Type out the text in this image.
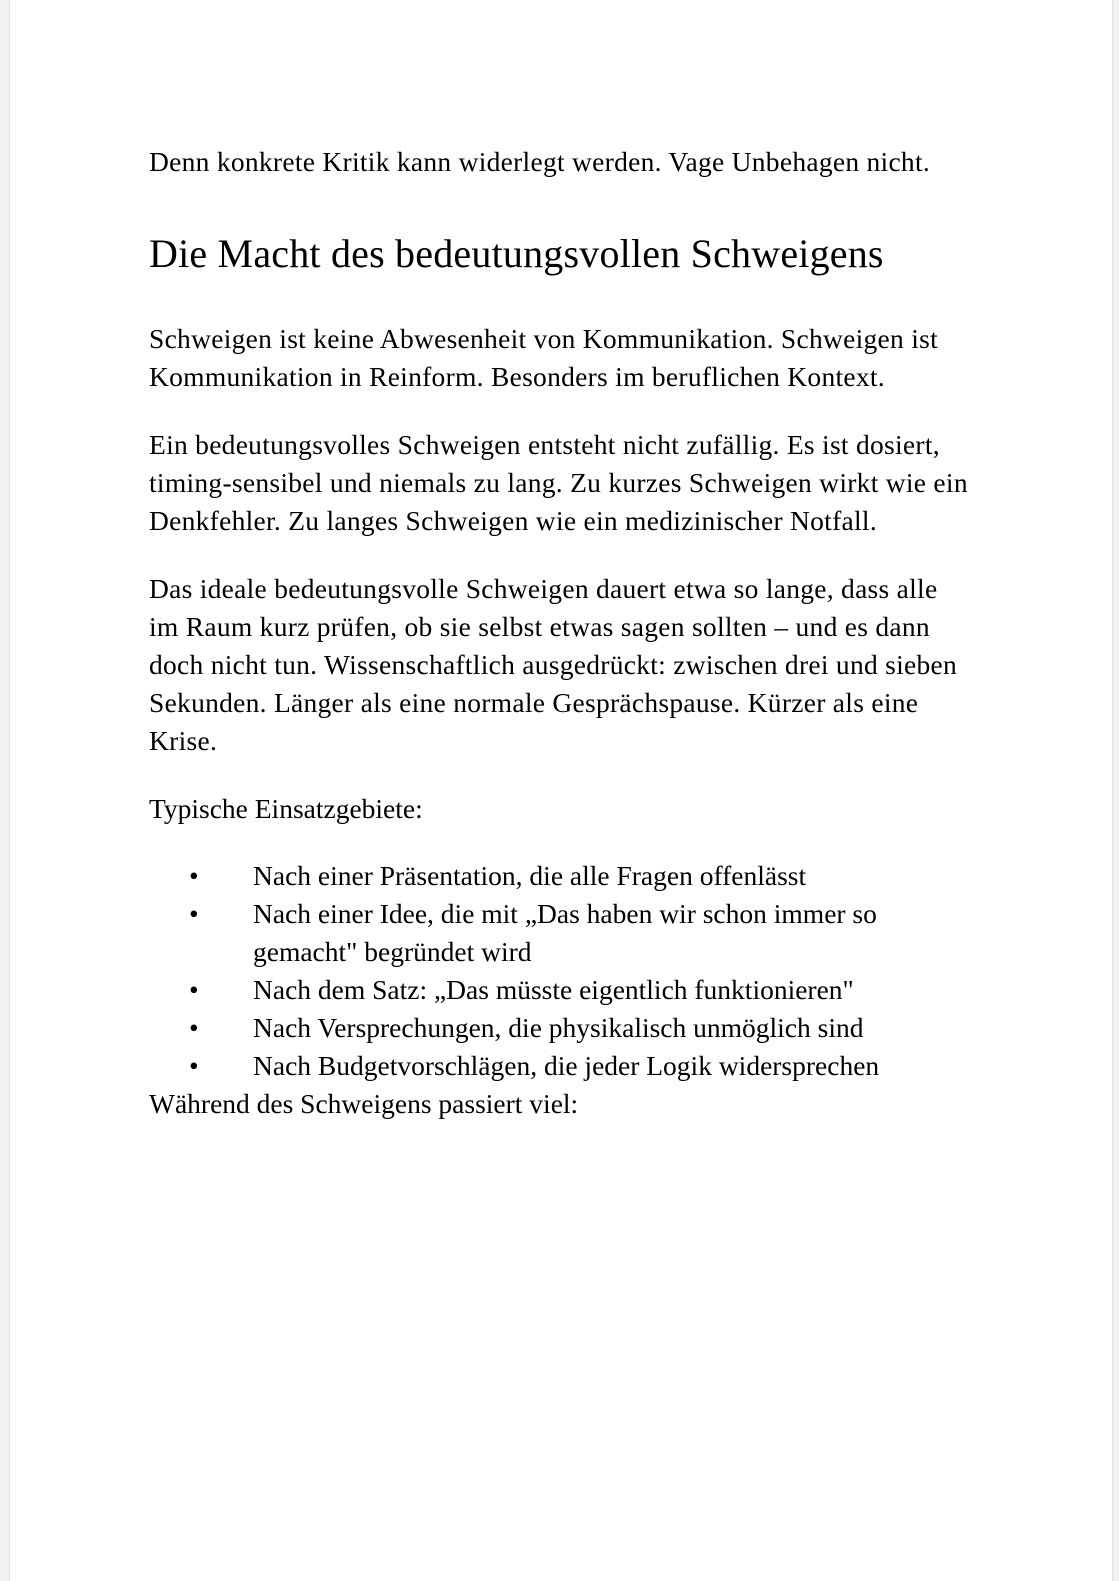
Denn konkrete Kritik kann widerlegt werden. Vage Unbehagen nicht.

Die Macht des bedeutungsvollen Schweigens

Schweigen ist keine Abwesenheit von Kommunikation. Schweigen ist Kommunikation in Reinform. Besonders im beruflichen Kontext.

Ein bedeutungsvolles Schweigen entsteht nicht zufällig. Es ist dosiert, timing-sensibel und niemals zu lang. Zu kurzes Schweigen wirkt wie ein Denkfehler. Zu langes Schweigen wie ein medizinischer Notfall.

Das ideale bedeutungsvolle Schweigen dauert etwa so lange, dass alle im Raum kurz prüfen, ob sie selbst etwas sagen sollten – und es dann doch nicht tun. Wissenschaftlich ausgedrückt: zwischen drei und sieben Sekunden. Länger als eine normale Gesprächspause. Kürzer als eine Krise.

Typische Einsatzgebiete:

• Nach einer Präsentation, die alle Fragen offenlässt
• Nach einer Idee, die mit „Das haben wir schon immer so gemacht" begründet wird
• Nach dem Satz: „Das müsste eigentlich funktionieren"
• Nach Versprechungen, die physikalisch unmöglich sind
• Nach Budgetvorschlägen, die jeder Logik widersprechen

Während des Schweigens passiert viel:
